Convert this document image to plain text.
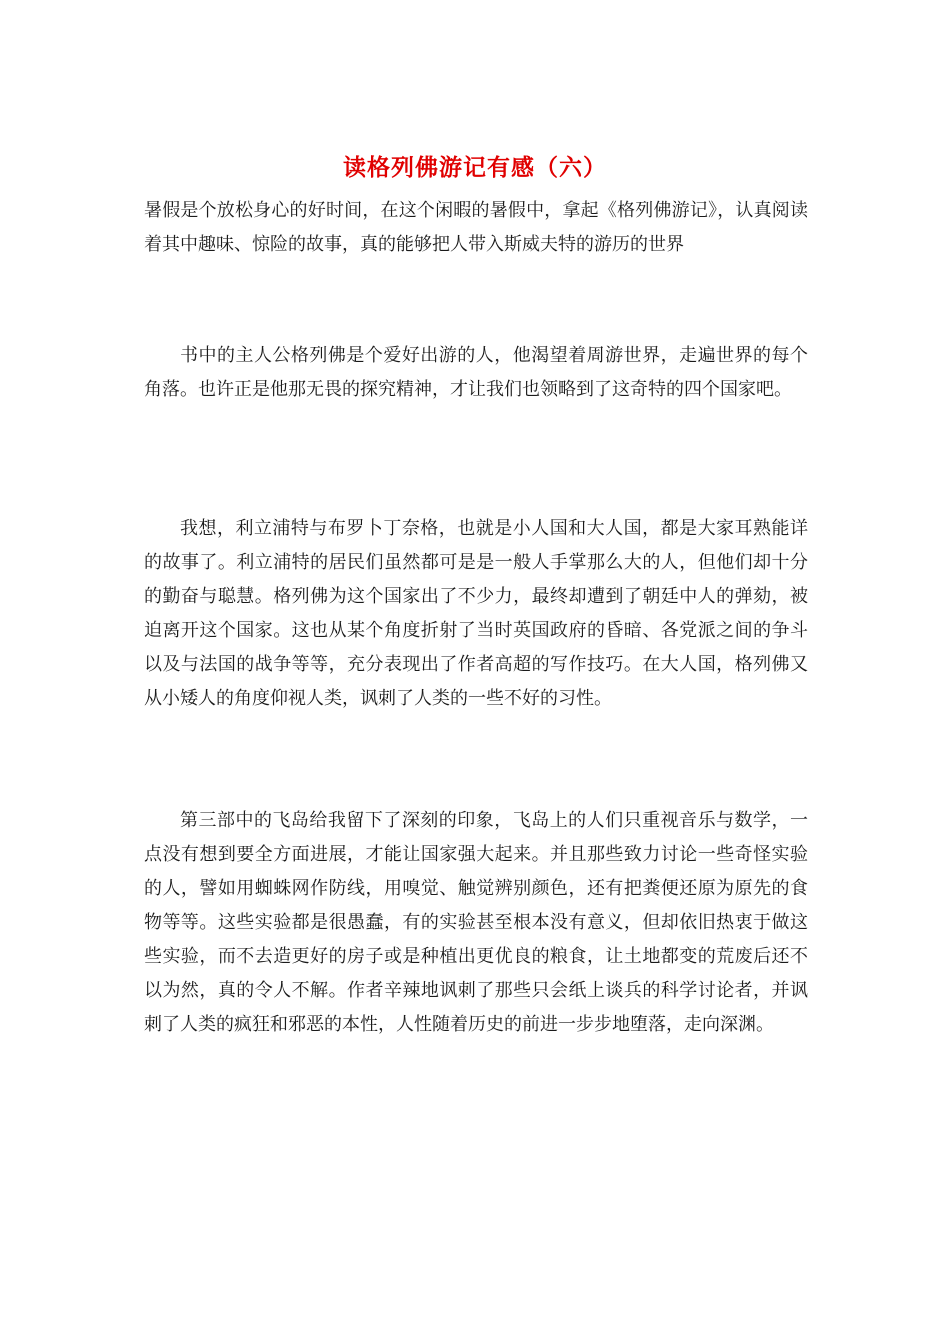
读格列佛游记有感（六）

暑假是个放松身心的好时间，在这个闲暇的暑假中，拿起《格列佛游记》，认真阅读着其中趣味、惊险的故事，真的能够把人带入斯威夫特的游历的世界

书中的主人公格列佛是个爱好出游的人，他渴望着周游世界，走遍世界的每个角落。也许正是他那无畏的探究精神，才让我们也领略到了这奇特的四个国家吧。

我想，利立浦特与布罗卜丁奈格，也就是小人国和大人国，都是大家耳熟能详的故事了。利立浦特的居民们虽然都可是是一般人手掌那么大的人，但他们却十分的勤奋与聪慧。格列佛为这个国家出了不少力，最终却遭到了朝廷中人的弹劾，被迫离开这个国家。这也从某个角度折射了当时英国政府的昏暗、各党派之间的争斗以及与法国的战争等等，充分表现出了作者高超的写作技巧。在大人国，格列佛又从小矮人的角度仰视人类，讽刺了人类的一些不好的习性。

第三部中的飞岛给我留下了深刻的印象，飞岛上的人们只重视音乐与数学，一点没有想到要全方面进展，才能让国家强大起来。并且那些致力讨论一些奇怪实验的人，譬如用蜘蛛网作防线，用嗅觉、触觉辨别颜色，还有把粪便还原为原先的食物等等。这些实验都是很愚蠢，有的实验甚至根本没有意义，但却依旧热衷于做这些实验，而不去造更好的房子或是种植出更优良的粮食，让土地都变的荒废后还不以为然，真的令人不解。作者辛辣地讽刺了那些只会纸上谈兵的科学讨论者，并讽刺了人类的疯狂和邪恶的本性，人性随着历史的前进一步步地堕落，走向深渊。
